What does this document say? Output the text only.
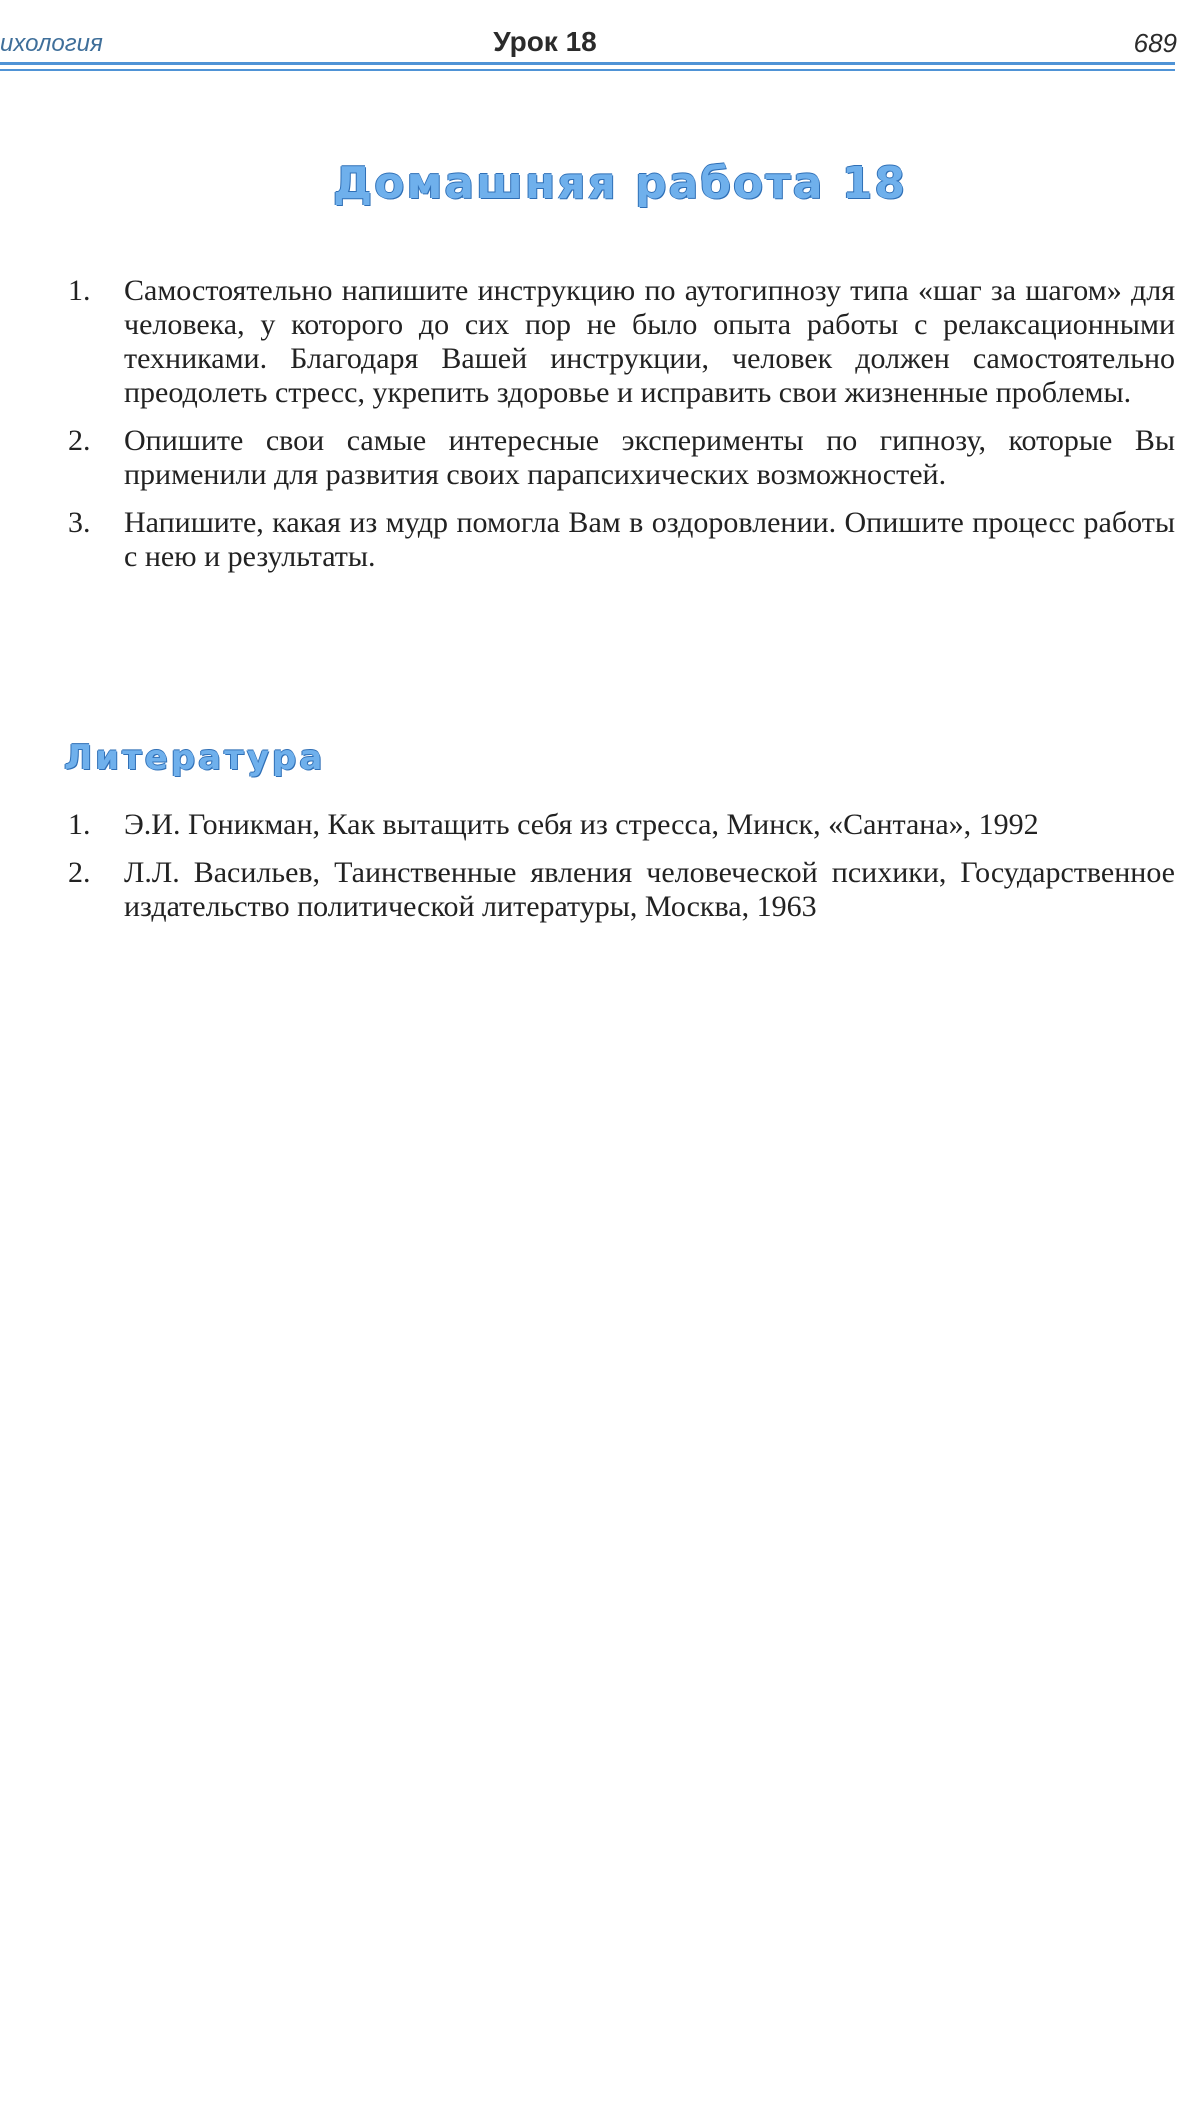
ихология	Урок 18	689
Домашняя работа 18
1. Самостоятельно напишите инструкцию по аутогипнозу типа «шаг за шагом» для человека, у которого до сих пор не было опыта работы с релаксационными техниками. Благодаря Вашей инструкции, человек должен самостоятельно преодолеть стресс, укрепить здоровье и исправить свои жизненные проблемы.
2. Опишите свои самые интересные эксперименты по гипнозу, которые Вы применили для развития своих парапсихических возможностей.
3. Напишите, какая из мудр помогла Вам в оздоровлении. Опишите процесс работы с нею и результаты.
Литература
1. Э.И. Гоникман, Как вытащить себя из стресса, Минск, «Сантана», 1992
2. Л.Л. Васильев, Таинственные явления человеческой психики, Государственное издательство политической литературы, Москва, 1963
